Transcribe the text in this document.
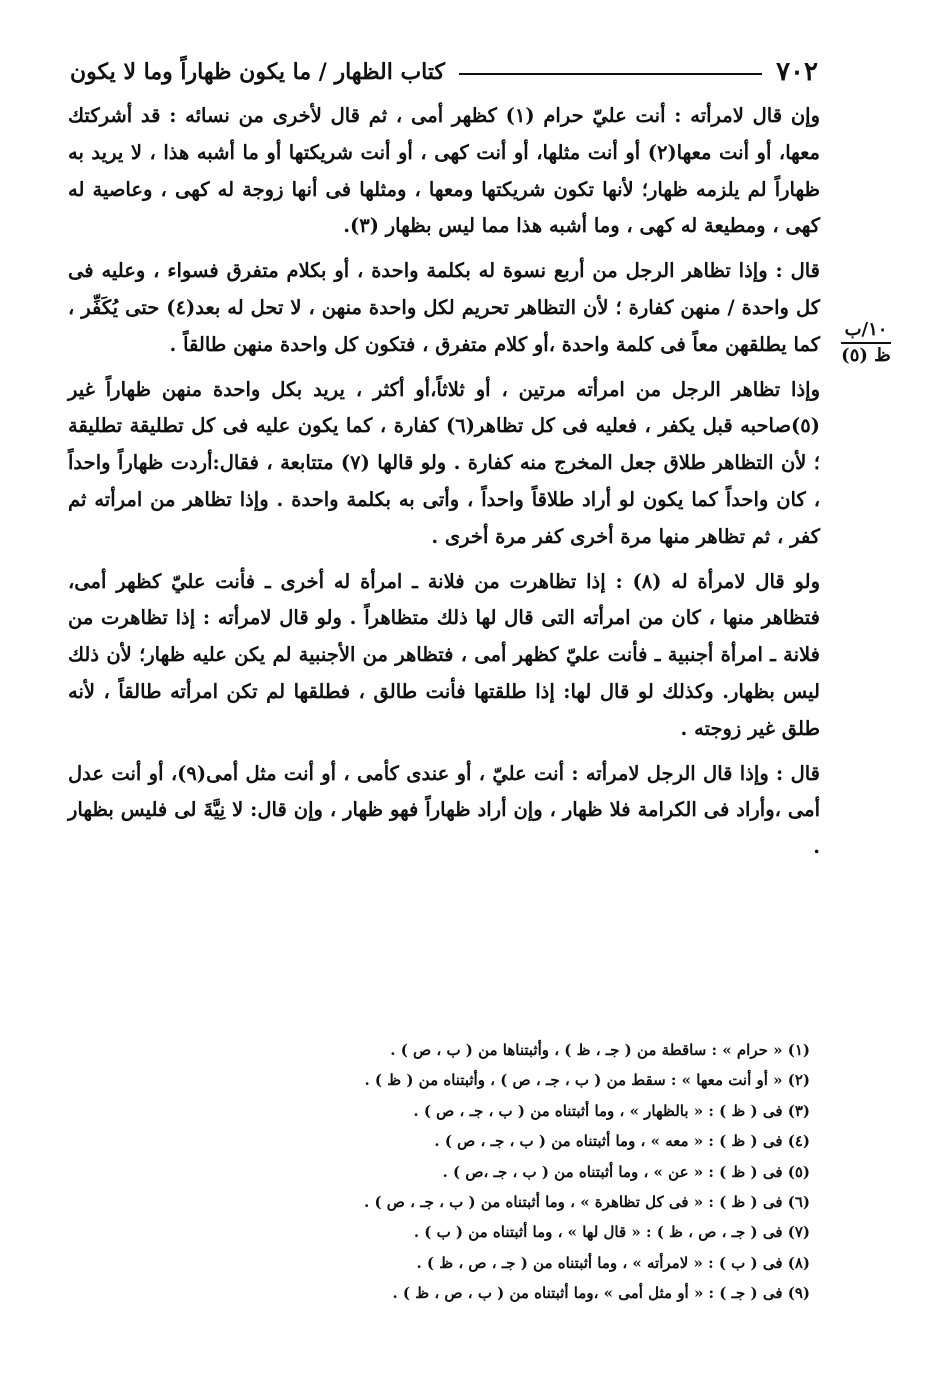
٧٠٢
كتاب الظهار / ما يكون ظهاراً وما لا يكون
١٠/ب
ظ (٥)

وإن قال لامرأته : أنت عليّ حرام (١) كظهر أمى ، ثم قال لأخرى من نسائه : قد أشركتك معها، أو أنت معها(٢) أو أنت مثلها، أو أنت كهى ، أو أنت شريكتها أو ما أشبه هذا ، لا يريد به ظهاراً لم يلزمه ظهار؛ لأنها تكون شريكتها ومعها ، ومثلها فى أنها زوجة له كهى ، وعاصية له كهى ، ومطيعة له كهى ، وما أشبه هذا مما ليس بظهار (٣).

قال : وإذا تظاهر الرجل من أربع نسوة له بكلمة واحدة ، أو بكلام متفرق فسواء ، وعليه فى كل واحدة / منهن كفارة ؛ لأن التظاهر تحريم لكل واحدة منهن ، لا تحل له بعد(٤) حتى يُكَفِّر ، كما يطلقهن معاً فى كلمة واحدة ،أو كلام متفرق ، فتكون كل واحدة منهن طالقاً .

وإذا تظاهر الرجل من امرأته مرتين ، أو ثلاثاً،أو أكثر ، يريد بكل واحدة منهن ظهاراً غير (٥)صاحبه قبل يكفر ، فعليه فى كل تظاهر(٦) كفارة ، كما يكون عليه فى كل تطليقة تطليقة ؛ لأن التظاهر طلاق جعل المخرج منه كفارة . ولو قالها (٧) متتابعة ، فقال:أردت ظهاراً واحداً ، كان واحداً كما يكون لو أراد طلاقاً واحداً ، وأتى به بكلمة واحدة . وإذا تظاهر من امرأته ثم كفر ، ثم تظاهر منها مرة أخرى كفر مرة أخرى .

ولو قال لامرأة له (٨) : إذا تظاهرت من فلانة ـ امرأة له أخرى ـ فأنت عليّ كظهر أمى، فتظاهر منها ، كان من امرأته التى قال لها ذلك متظاهراً . ولو قال لامرأته : إذا تظاهرت من فلانة ـ امرأة أجنبية ـ فأنت عليّ كظهر أمى ، فتظاهر من الأجنبية لم يكن عليه ظهار؛ لأن ذلك ليس بظهار. وكذلك لو قال لها: إذا طلقتها فأنت طالق ، فطلقها لم تكن امرأته طالقاً ، لأنه طلق غير زوجته .

قال : وإذا قال الرجل لامرأته : أنت عليّ ، أو عندى كأمى ، أو أنت مثل أمى(٩)، أو أنت عدل أمى ،وأراد فى الكرامة فلا ظهار ، وإن أراد ظهاراً فهو ظهار ، وإن قال: لا نِيَّةَ لى فليس بظهار .

(١) « حرام » : ساقطة من ( جـ ، ظ ) ، وأثبتناها من ( ب ، ص ) .

(٢) « أو أنت معها » : سقط من ( ب ، جـ ، ص ) ، وأثبتناه من ( ظ ) .

(٣) فى ( ظ ) : « بالظهار » ، وما أثبتناه من ( ب ، جـ ، ص ) .

(٤) فى ( ظ ) : « معه » ، وما أثبتناه من ( ب ، جـ ، ص ) .

(٥) فى ( ظ ) : « عن » ، وما أثبتناه من ( ب ، جـ ،ص ) .

(٦) فى ( ظ ) : « فى كل تظاهرة » ، وما أثبتناه من ( ب ، جـ ، ص ) .

(٧) فى ( جـ ، ص ، ظ ) : « قال لها » ، وما أثبتناه من ( ب ) .

(٨) فى ( ب ) : « لامرأته » ، وما أثبتناه من ( جـ ، ص ، ظ ) .

(٩) فى ( جـ ) : « أو مثل أمى » ،وما أثبتناه من ( ب ، ص ، ظ ) .
